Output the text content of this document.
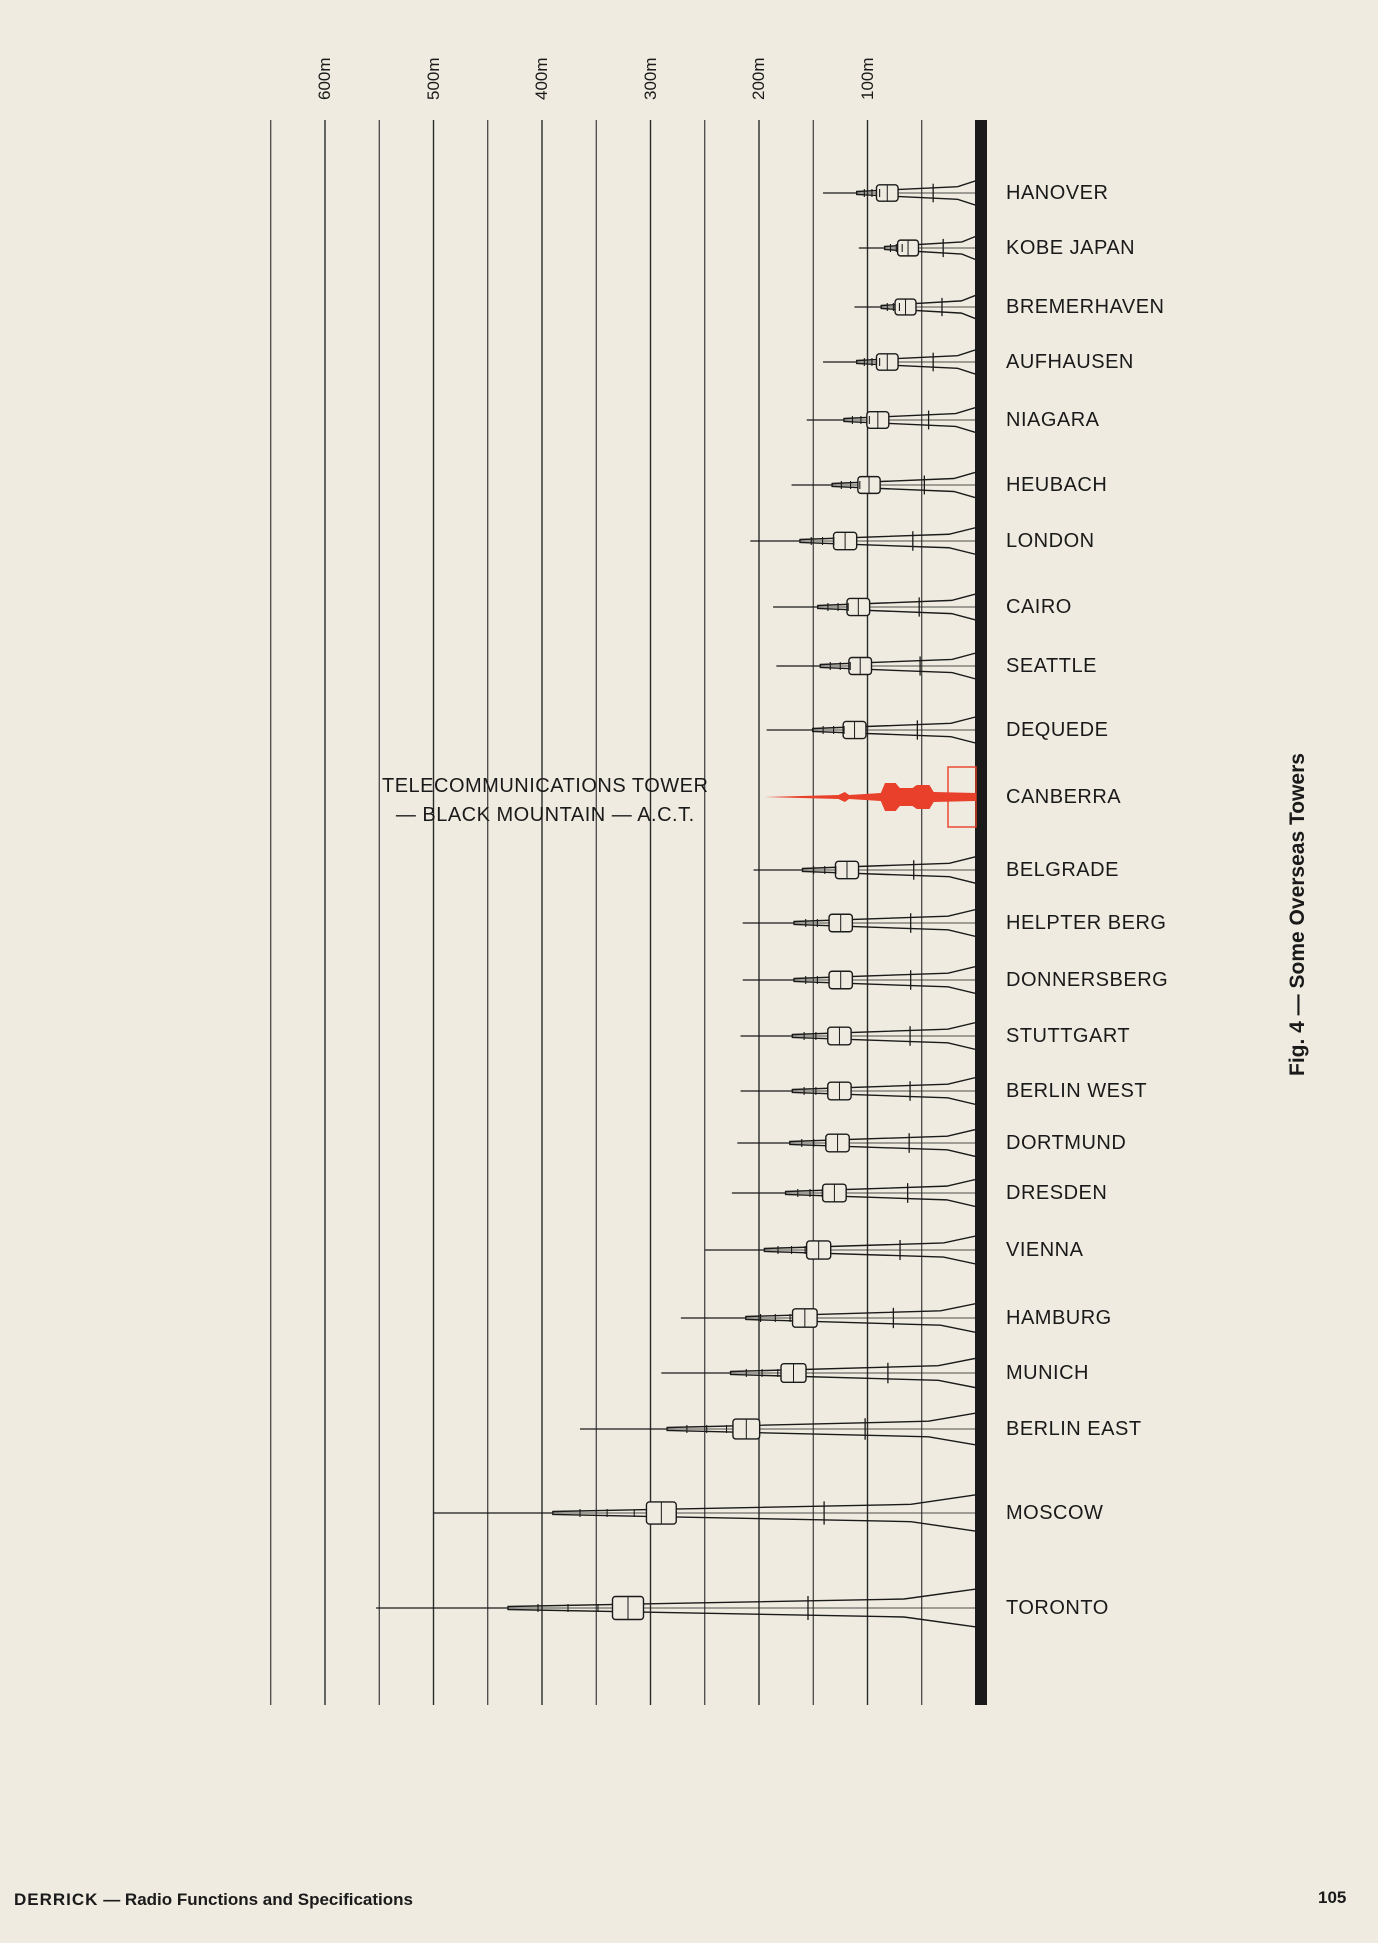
600m	500m	400m	300m	200m	100m
HANOVER
KOBE JAPAN
BREMERHAVEN
AUFHAUSEN
NIAGARA
HEUBACH
LONDON
CAIRO
SEATTLE
DEQUEDE
CANBERRA
BELGRADE
HELPTER BERG
DONNERSBERG
STUTTGART
BERLIN WEST
DORTMUND
DRESDEN
VIENNA
HAMBURG
MUNICH
BERLIN EAST
MOSCOW
TORONTO
TELECOMMUNICATIONS TOWER
— BLACK MOUNTAIN — A.C.T.
Fig. 4 — Some Overseas Towers
DERRICK — Radio Functions and Specifications	105
